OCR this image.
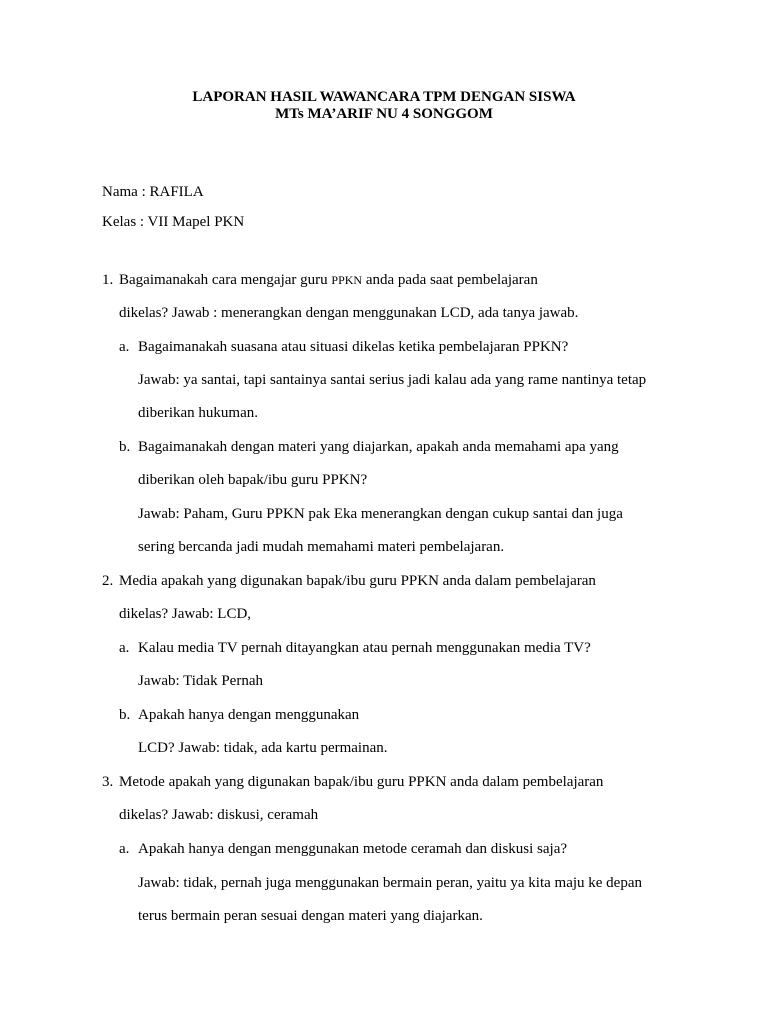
LAPORAN HASIL WAWANCARA TPM DENGAN SISWA
MTs MA’ARIF NU 4 SONGGOM
Nama : RAFILA
Kelas : VII Mapel PKN
1. Bagaimanakah cara mengajar guru PPKN anda pada saat pembelajaran
dikelas? Jawab : menerangkan dengan menggunakan LCD, ada tanya jawab.
a. Bagaimanakah suasana atau situasi dikelas ketika pembelajaran PPKN?
Jawab: ya santai, tapi santainya santai serius jadi kalau ada yang rame nantinya tetap
diberikan hukuman.
b. Bagaimanakah dengan materi yang diajarkan, apakah anda memahami apa yang
diberikan oleh bapak/ibu guru PPKN?
Jawab: Paham, Guru PPKN pak Eka menerangkan dengan cukup santai dan juga
sering bercanda jadi mudah memahami materi pembelajaran.
2. Media apakah yang digunakan bapak/ibu guru PPKN anda dalam pembelajaran
dikelas? Jawab: LCD,
a. Kalau media TV pernah ditayangkan atau pernah menggunakan media TV?
Jawab: Tidak Pernah
b. Apakah hanya dengan menggunakan
LCD? Jawab: tidak, ada kartu permainan.
3. Metode apakah yang digunakan bapak/ibu guru PPKN anda dalam pembelajaran
dikelas? Jawab: diskusi, ceramah
a. Apakah hanya dengan menggunakan metode ceramah dan diskusi saja?
Jawab: tidak, pernah juga menggunakan bermain peran, yaitu ya kita maju ke depan
terus bermain peran sesuai dengan materi yang diajarkan.
